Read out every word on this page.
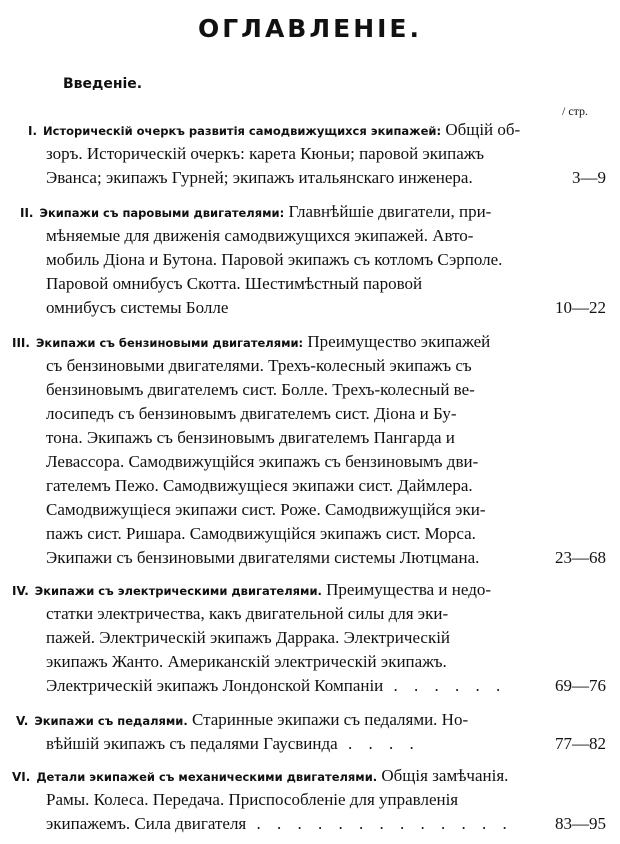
ОГЛАВЛЕНІЕ.
Введеніе.
/ стр.
I. Историческій очеркъ развитія самодвижущихся экипажей: Общій об-
зоръ. Историческій очеркъ: карета Кюньи; паровой экипажъ
Эванса; экипажъ Гурней; экипажъ итальянскаго инженера.	3—9
II. Экипажи съ паровыми двигателями: Главнѣйшіе двигатели, при-
мѣняемые для движенія самодвижущихся экипажей. Авто-
мобиль Діона и Бутона. Паровой экипажъ съ котломъ Сэрполе.
Паровой омнибусъ Скотта. Шестимѣстный паровой
омнибусъ системы Болле	10—22
III. Экипажи съ бензиновыми двигателями: Преимущество экипажей
съ бензиновыми двигателями. Трехъ-колесный экипажъ съ
бензиновымъ двигателемъ сист. Болле. Трехъ-колесный ве-
лосипедъ съ бензиновымъ двигателемъ сист. Діона и Бу-
тона. Экипажъ съ бензиновымъ двигателемъ Пангарда и
Левассора. Самодвижущійся экипажъ съ бензиновымъ дви-
гателемъ Пежо. Самодвижущіеся экипажи сист. Даймлера.
Самодвижущіеся экипажи сист. Роже. Самодвижущійся эки-
пажъ сист. Ришара. Самодвижущійся экипажъ сист. Морса.
Экипажи съ бензиновыми двигателями системы Лютцмана.	23—68
IV. Экипажи съ электрическими двигателями. Преимущества и недо-
статки электричества, какъ двигательной силы для эки-
пажей. Электрическій экипажъ Даррака. Электрическій
экипажъ Жанто. Американскій электрическій экипажъ.
Электрическій экипажъ Лондонской Компаніи . . . . . .	69—76
V. Экипажи съ педалями. Старинные экипажи съ педалями. Но-
вѣйшій экипажъ съ педалями Гаусвинда . . . .	77—82
VI. Детали экипажей съ механическими двигателями. Общія замѣчанія.
Рамы. Колеса. Передача. Приспособленіе для управленія
экипажемъ. Сила двигателя . . . . . . . . . . . . .	83—95
